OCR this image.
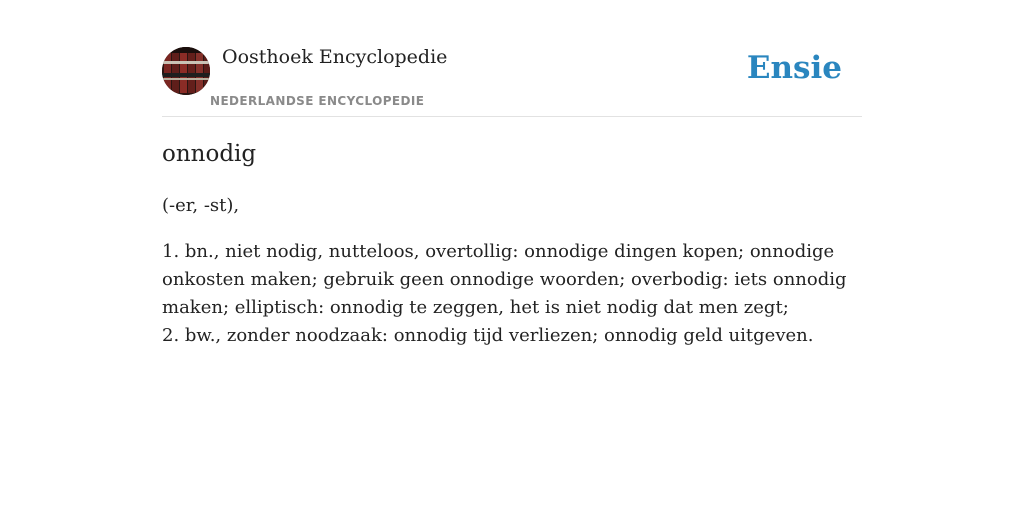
Oosthoek Encyclopedie
NEDERLANDSE ENCYCLOPEDIE
Ensie
onnodig

(-er, -st),

1. bn., niet nodig, nutteloos, overtollig: onnodige dingen kopen; onnodige onkosten maken; gebruik geen onnodige woorden; overbodig: iets onnodig maken; elliptisch: onnodig te zeggen, het is niet nodig dat men zegt;

2. bw., zonder noodzaak: onnodig tijd verliezen; onnodig geld uitgeven.
